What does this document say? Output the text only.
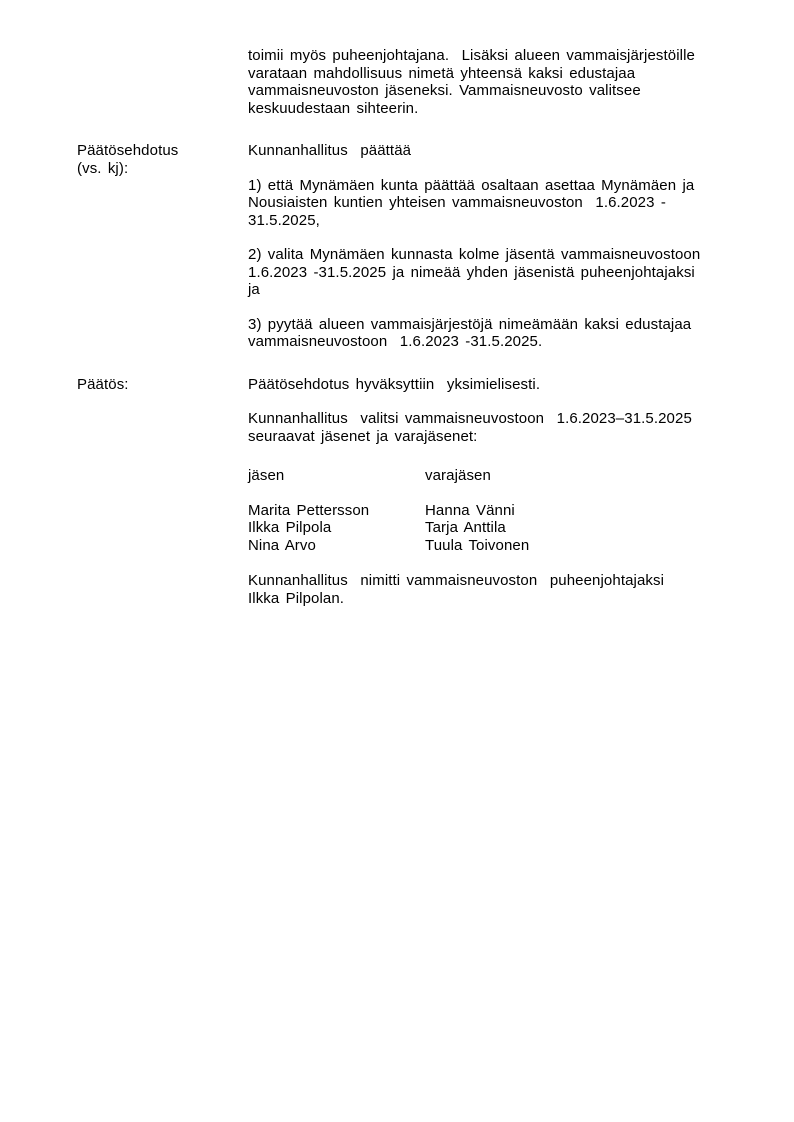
toimii myös puheenjohtajana.  Lisäksi alueen vammaisjärjestöille varataan mahdollisuus nimetä yhteensä kaksi edustajaa vammaisneuvoston jäseneksi. Vammaisneuvosto valitsee keskuudestaan sihteerin.

Päätösehdotus
(vs. kj):

Kunnanhallitus  päättää

1) että Mynämäen kunta päättää osaltaan asettaa Mynämäen ja Nousiaisten kuntien yhteisen vammaisneuvoston  1.6.2023 - 31.5.2025,

2) valita Mynämäen kunnasta kolme jäsentä vammaisneuvostoon 1.6.2023 -31.5.2025 ja nimeää yhden jäsenistä puheenjohtajaksi ja

3) pyytää alueen vammaisjärjestöjä nimeämään kaksi edustajaa vammaisneuvostoon  1.6.2023 -31.5.2025.

Päätös:	Päätösehdotus hyväksyttiin  yksimielisesti.

Kunnanhallitus  valitsi vammaisneuvostoon  1.6.2023–31.5.2025 seuraavat jäsenet ja varajäsenet:

jäsen	varajäsen
Marita Pettersson	Hanna Vänni
Ilkka Pilpola	Tarja Anttila
Nina Arvo	Tuula Toivonen

Kunnanhallitus  nimitti vammaisneuvoston  puheenjohtajaksi  Ilkka Pilpolan.
